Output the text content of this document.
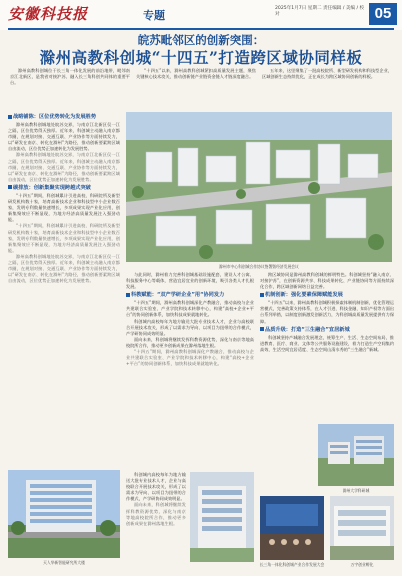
安徽科技报	专题
2025年1月7日 星期二 责任编辑 / 美编 / 校对	05
皖苏毗邻区的创新突围：
滁州高教科创城“十四五”打造跨区域协同样板

滁州高教科创城位于长三角一体化发展的前沿地带，毗邻南京江北新区，是我省对接沪苏、融入长三角科创共同体的重要平台。

“十四五”以来，滁州高教科创城紧扣高质量发展主题，聚焦关键核心技术攻关，推动创新链产业链资金链人才链深度融合。

五年来，这里聚集了一批高校院所、新型研发机构和科技型企业，区域创新生态持续优化，正在成长为跨区域协同创新的样板。

战略铺陈：区位优势转化为发展胜势

滁州高教科创城地处皖苏交界，与南京江北新区仅一江之隔，区位优势得天独厚。近年来，科创城主动融入南京都市圈，在规划对接、交通互联、产业协作等方面持续发力，以“研发在南京、转化在滁州”为路径，推动创新要素跨区域自由流动，区位优势正加速转化为发展胜势。

滁州高教科创城地处皖苏交界，与南京江北新区仅一江之隔，区位优势得天独厚。近年来，科创城主动融入南京都市圈，在规划对接、交通互联、产业协作等方面持续发力，以“研发在南京、转化在滁州”为路径，推动创新要素跨区域自由流动，区位优势正加速转化为发展胜势。

碳排放：创新集聚实现跨越式突破

“十四五”期间，科创城累计引进高校、科研院所及新型研发机构数十家，培育高新技术企业和科技型中小企业数百家，发明专利数量快速增长，多项成果实现产业化应用，创新集聚效应不断显现，为地方经济高质量发展注入强劲动能。

“十四五”期间，科创城累计引进高校、科研院所及新型研发机构数十家，培育高新技术企业和科技型中小企业数百家，发明专利数量快速增长，多项成果实现产业化应用，创新集聚效应不断显现，为地方经济高质量发展注入强劲动能。

滁州高教科创城地处皖苏交界，与南京江北新区仅一江之隔，区位优势得天独厚。近年来，科创城主动融入南京都市圈，在规划对接、交通互联、产业协作等方面持续发力，以“研发在南京、转化在滁州”为路径，推动创新要素跨区域自由流动，区位优势正加速转化为发展胜势。

天人华新智能研究所大楼
滁州市中心科创城合作协议签署暨经济发展会议

与此同时，滁州着力完善科创城基础设施配套，建设人才公寓、科技服务中心等载体，营造宜居宜业的创新环境，吸引各类人才扎根发展。

科教赋能：“双产学研企业”用“协同发力

“十四五”期间，滁州高教科创城深化产教融合，推动高校与企业共建联合实验室、产业学院和技术转移中心，构建“高校+企业+平台”的协同创新体系，加快科技成果就地转化。

科创城内高校每年为地方输送大批专业技术人才，企业与高校联合开展技术攻关，形成了以需求为导向、以项目为纽带的合作模式，产学研协同成效明显。

面向未来，科创城将继续发挥科教资源优势，深化与南京等地高校院所合作，推动更多创新成果在滁州落地生根。

“十四五”期间，滁州高教科创城深化产教融合，推动高校与企业共建联合实验室、产业学院和技术转移中心，构建“高校+企业+平台”的协同创新体系，加快科技成果就地转化。

科创城内高校每年为地方输送大批专业技术人才，企业与高校联合开展技术攻关，形成了以需求为导向、以项目为纽带的合作模式，产学研协同成效明显。

面向未来，科创城将继续发挥科教资源优势，深化与南京等地高校院所合作，推动更多创新成果在滁州落地生根。

跨区域协同是滁州高教科创城的鲜明特色。科创城坚持“融入南京、对接沪苏”，在创新资源共享、科技成果转化、产业链协同等方面持续深化合作，跨区域创新网络日益完善。

机制创新：强化要素保障赋能发展

“十四五”以来，滁州高教科创城积极探索体制机制创新，优化管理运营模式，完善政策支持体系，在人才引进、科技金融、知识产权等方面出台系列举措，以制度创新激发创新活力，为科创城高质量发展提供有力保障。

品质升级：打造“三生融合”宜居新城

科创城坚持产城融合发展理念，统筹生产、生活、生态空间布局，推进教育、医疗、商业、文体等公共服务设施建设，着力打造生产空间集约高效、生活空间宜居适度、生态空间山清水秀的“三生融合”新城。

滁州大学科研城
长三角一体化科创城产业合作发展大会	万宇创业孵化
